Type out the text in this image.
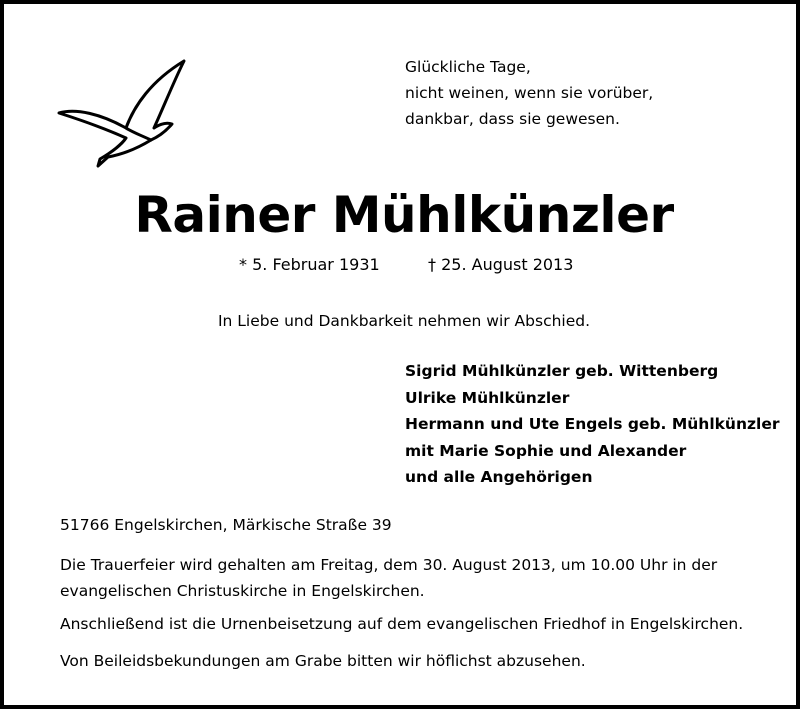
Glückliche Tage,
nicht weinen, wenn sie vorüber,
dankbar, dass sie gewesen.
Rainer Mühlkünzler
* 5. Februar 1931	† 25. August 2013
In Liebe und Dankbarkeit nehmen wir Abschied.
Sigrid Mühlkünzler geb. Wittenberg
Ulrike Mühlkünzler
Hermann und Ute Engels geb. Mühlkünzler
mit Marie Sophie und Alexander
und alle Angehörigen
51766 Engelskirchen, Märkische Straße 39
Die Trauerfeier wird gehalten am Freitag, dem 30. August 2013, um 10.00 Uhr in der evangelischen Christuskirche in Engelskirchen.
Anschließend ist die Urnenbeisetzung auf dem evangelischen Friedhof in Engelskirchen.
Von Beileidsbekundungen am Grabe bitten wir höflichst abzusehen.
